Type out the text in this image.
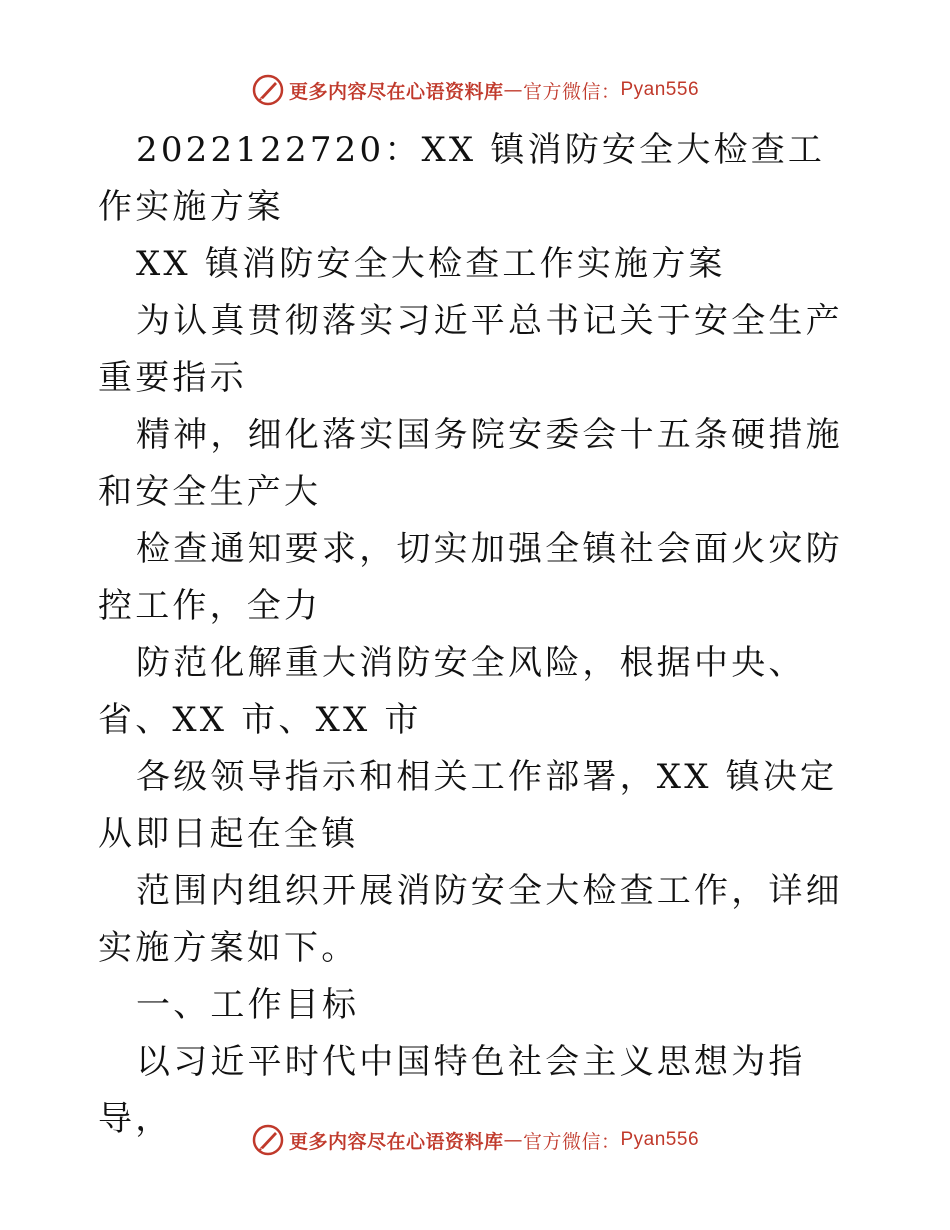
更多内容尽在心语资料库 — 官方微信： Pyan556

2022122720：XX 镇消防安全大检查工作实施方案

XX 镇消防安全大检查工作实施方案

为认真贯彻落实习近平总书记关于安全生产重要指示

精神，细化落实国务院安委会十五条硬措施和安全生产大

检查通知要求，切实加强全镇社会面火灾防控工作，全力

防范化解重大消防安全风险，根据中央、省、XX 市、XX 市

各级领导指示和相关工作部署，XX 镇决定从即日起在全镇

范围内组织开展消防安全大检查工作，详细实施方案如下。

一、工作目标

以习近平时代中国特色社会主义思想为指导，

更多内容尽在心语资料库 — 官方微信： Pyan556
